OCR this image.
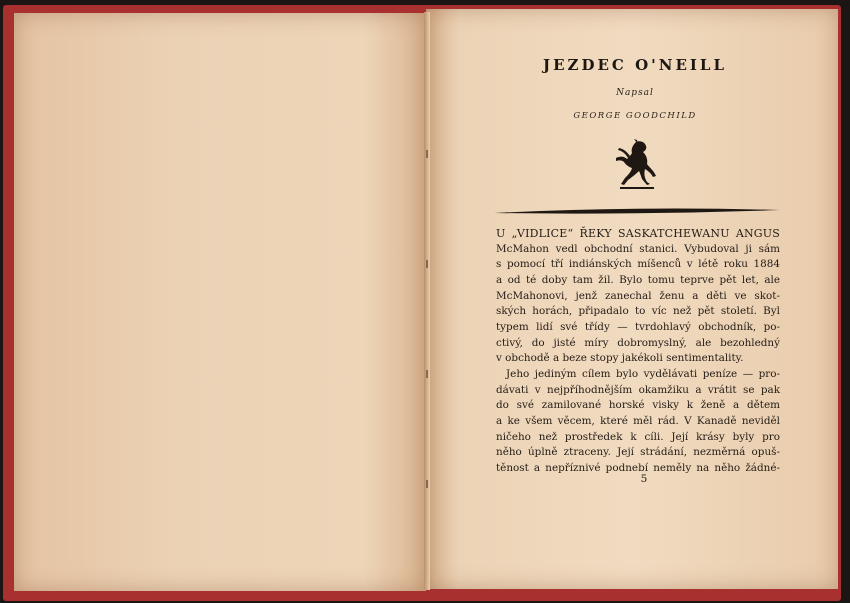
JEZDEC O'NEILL
Napsal
GEORGE GOODCHILD
U „VIDLICE“ ŘEKY SASKATCHEWANU ANGUS
McMahon vedl obchodní stanici. Vybudoval ji sám
s pomocí tří indiánských míšenců v létě roku 1884
a od té doby tam žil. Bylo tomu teprve pět let, ale
McMahonovi, jenž zanechal ženu a děti ve skot-
ských horách, připadalo to víc než pět století. Byl
typem lidí své třídy — tvrdohlavý obchodník, po-
ctivý, do jisté míry dobromyslný, ale bezohledný
v obchodě a beze stopy jakékoli sentimentality.
Jeho jediným cílem bylo vydělávati peníze — pro-
dávati v nejpříhodnějším okamžiku a vrátit se pak
do své zamilované horské visky k ženě a dětem
a ke všem věcem, které měl rád. V Kanadě neviděl
ničeho než prostředek k cíli. Její krásy byly pro
něho úplně ztraceny. Její strádání, nezměrná opuš-
těnost a nepříznivé podnebí neměly na něho žádné-
5
